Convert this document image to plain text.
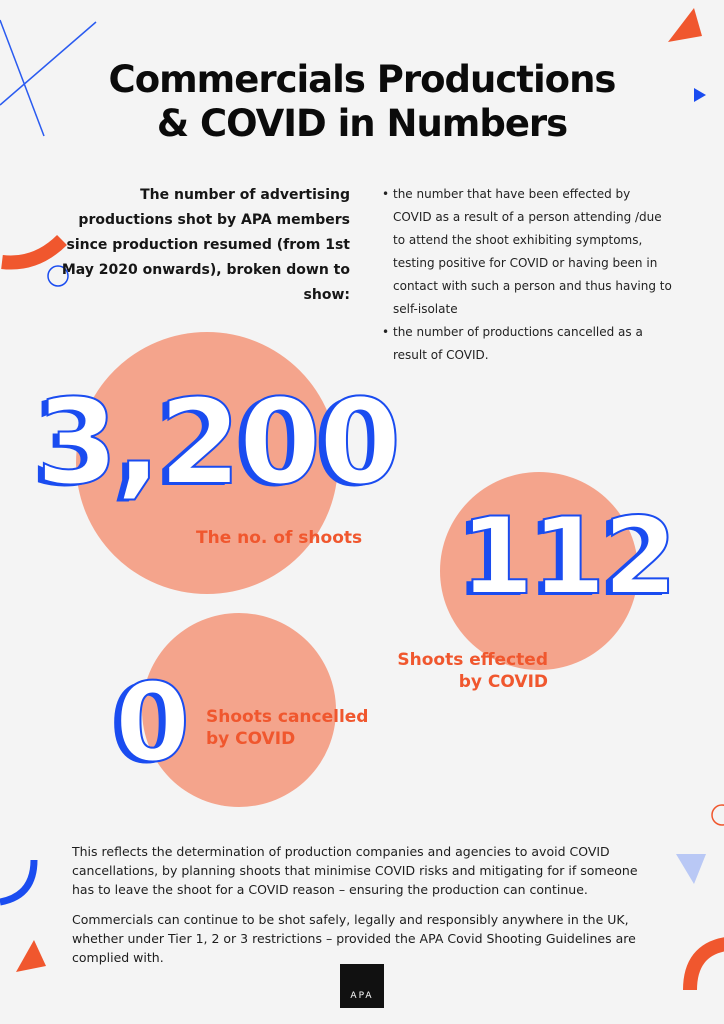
Commercials Productions
& COVID in Numbers
The number of advertising productions shot by APA members since production resumed (from 1st May 2020 onwards), broken down to show:
• the number that have been effected by COVID as a result of a person attending /due to attend the shoot exhibiting symptoms, testing positive for COVID or having been in contact with such a person and thus having to self-isolate
• the number of productions cancelled as a result of COVID.
3,200
112
0
The no. of shoots
Shoots effected
by COVID
Shoots cancelled
by COVID
This reflects the determination of production companies and agencies to avoid COVID cancellations, by planning shoots that minimise COVID risks and mitigating for if someone has to leave the shoot for a COVID reason – ensuring the production can continue.
Commercials can continue to be shot safely, legally and responsibly anywhere in the UK, whether under Tier 1, 2 or 3 restrictions – provided the APA Covid Shooting Guidelines are complied with.
APA
